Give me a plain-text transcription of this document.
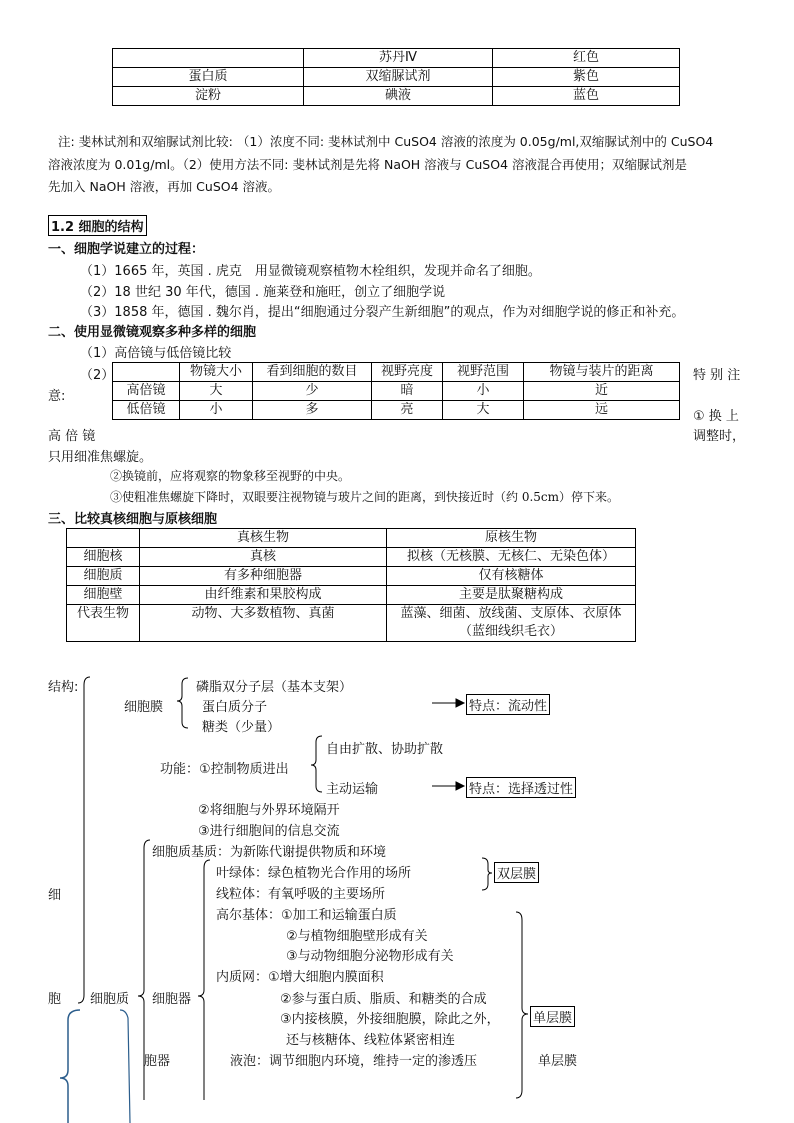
	苏丹Ⅳ	红色
蛋白质	双缩脲试剂	紫色
淀粉	碘液	蓝色
注: 斐林试剂和双缩脲试剂比较: （1）浓度不同: 斐林试剂中 CuSO4 溶液的浓度为 0.05g/ml,双缩脲试剂中的 CuSO4
溶液浓度为 0.01g/ml。（2）使用方法不同: 斐林试剂是先将 NaOH 溶液与 CuSO4 溶液混合再使用；双缩脲试剂是
先加入 NaOH 溶液，再加 CuSO4 溶液。
1.2 细胞的结构
一、细胞学说建立的过程：
（1）1665 年，英国 . 虎克　用显微镜观察植物木栓组织，发现并命名了细胞。
（2）18 世纪 30 年代，德国 . 施莱登和施旺，创立了细胞学说
（3）1858 年，德国 . 魏尔肖，提出“细胞通过分裂产生新细胞”的观点，作为对细胞学说的修正和补充。
二、使用显微镜观察多种多样的细胞
（1）高倍镜与低倍镜比较
（2）	特 别 注
意:
① 换 上
高 倍 镜	调整时，
只用细准焦螺旋。
②换镜前，应将观察的物象移至视野的中央。
③使粗准焦螺旋下降时，双眼要注视物镜与玻片之间的距离，到快接近时（约 0.5cm）停下来。
三、比较真核细胞与原核细胞
	物镜大小	看到细胞的数目	视野亮度	视野范围	物镜与装片的距离
高倍镜	大	少	暗	小	近
低倍镜	小	多	亮	大	远
	真核生物	原核生物
细胞核	真核	拟核（无核膜、无核仁、无染色体）
细胞质	有多种细胞器	仅有核糖体
细胞壁	由纤维素和果胶构成	主要是肽聚糖构成
代表生物	动物、大多数植物、真菌	蓝藻、细菌、放线菌、支原体、衣原体
（蓝细线织毛衣）
结构:
细胞膜
磷脂双分子层（基本支架）
蛋白质分子
糖类（少量）
特点：流动性
功能：①控制物质进出
自由扩散、协助扩散
主动运输	特点：选择透过性
②将细胞与外界环境隔开
③进行细胞间的信息交流
细胞质基质：为新陈代谢提供物质和环境
细
胞 细胞质
叶绿体：绿色植物光合作用的场所
线粒体：有氧呼吸的主要场所
双层膜
高尔基体：①加工和运输蛋白质
②与植物细胞壁形成有关
③与动物细胞分泌物形成有关
内质网：①增大细胞内膜面积
细胞器	②参与蛋白质、脂质、和糖类的合成
③内接核膜，外接细胞膜，除此之外，	单层膜
还与核糖体、线粒体紧密相连
胞器	液泡：调节细胞内环境，维持一定的渗透压	单层膜
